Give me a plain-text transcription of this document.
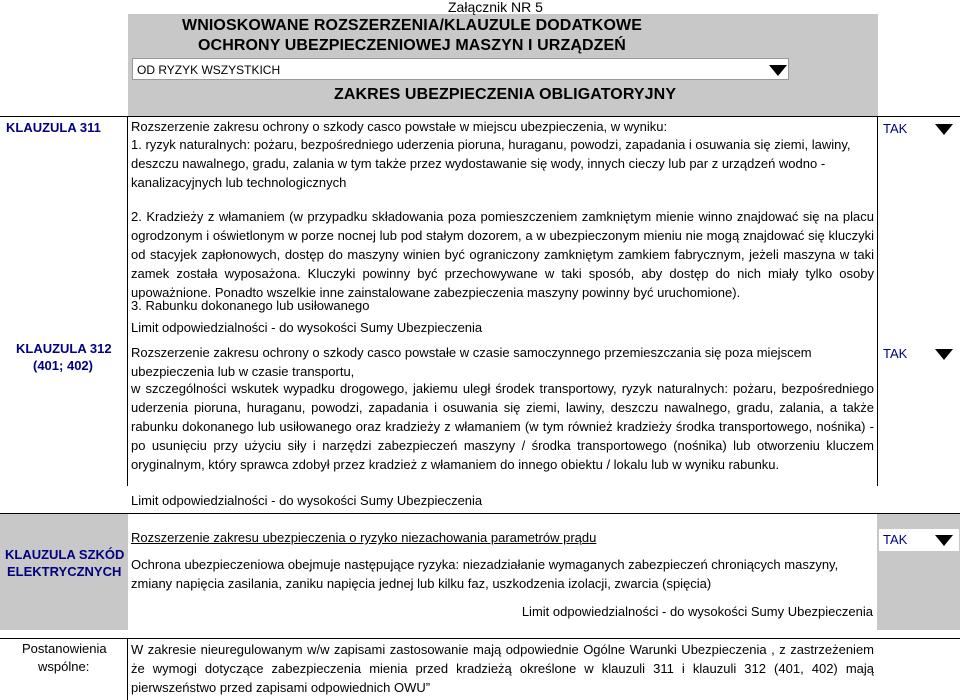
Załącznik NR 5
WNIOSKOWANE ROZSZERZENIA/KLAUZULE DODATKOWE
OCHRONY UBEZPIECZENIOWEJ MASZYN I URZĄDZEŃ
OD RYZYK WSZYSTKICH
ZAKRES UBEZPIECZENIA OBLIGATORYJNY
KLAUZULA 311 Rozszerzenie zakresu ochrony o szkody casco powstałe w miejscu ubezpieczenia, w wyniku:
1. ryzyk naturalnych: pożaru, bezpośredniego uderzenia pioruna, huraganu, powodzi, zapadania i osuwania się ziemi, lawiny, deszczu nawalnego, gradu, zalania w tym także przez wydostawanie się wody, innych cieczy lub par z urządzeń wodno - kanalizacyjnych lub technologicznych
2. Kradzieży z włamaniem (w przypadku składowania poza pomieszczeniem zamkniętym mienie winno znajdować się na placu ogrodzonym i oświetlonym w porze nocnej lub pod stałym dozorem, a w ubezpieczonym mieniu nie mogą znajdować się kluczyki od stacyjek zapłonowych, dostęp do maszyny winien być ograniczony zamkniętym zamkiem fabrycznym, jeżeli maszyna w taki zamek została wyposażona. Kluczyki powinny być przechowywane w taki sposób, aby dostęp do nich miały tylko osoby upoważnione. Ponadto wszelkie inne zainstalowane zabezpieczenia maszyny powinny być uruchomione).
3. Rabunku dokonanego lub usiłowanego
Limit odpowiedzialności - do wysokości Sumy Ubezpieczenia
TAK
KLAUZULA 312
(401; 402)
Rozszerzenie zakresu ochrony o szkody casco powstałe w czasie samoczynnego przemieszczania się poza miejscem ubezpieczenia lub w czasie transportu,
w szczególności wskutek wypadku drogowego, jakiemu uległ środek transportowy, ryzyk naturalnych: pożaru, bezpośredniego uderzenia pioruna, huraganu, powodzi, zapadania i osuwania się ziemi, lawiny, deszczu nawalnego, gradu, zalania, a także rabunku dokonanego lub usiłowanego oraz kradzieży z włamaniem (w tym również kradzieży środka transportowego, nośnika) - po usunięciu przy użyciu siły i narzędzi zabezpieczeń maszyny / środka transportowego (nośnika) lub otworzeniu kluczem oryginalnym, który sprawca zdobył przez kradzież z włamaniem do innego obiektu / lokalu lub w wyniku rabunku.
Limit odpowiedzialności - do wysokości Sumy Ubezpieczenia
TAK
KLAUZULA SZKÓD
ELEKTRYCZNYCH
Rozszerzenie zakresu ubezpieczenia o ryzyko niezachowania parametrów prądu
Ochrona ubezpieczeniowa obejmuje następujące ryzyka: niezadziałanie wymaganych zabezpieczeń chroniących maszyny, zmiany napięcia zasilania, zaniku napięcia jednej lub kilku faz, uszkodzenia izolacji, zwarcia (spięcia)
Limit odpowiedzialności - do wysokości Sumy Ubezpieczenia
TAK
Postanowienia
wspólne:
W zakresie nieuregulowanym w/w zapisami zastosowanie mają odpowiednie Ogólne Warunki Ubezpieczenia , z zastrzeżeniem że wymogi dotyczące zabezpieczenia mienia przed kradzieżą określone w klauzuli 311 i klauzuli 312 (401, 402) mają pierwszeństwo przed zapisami odpowiednich OWU”
